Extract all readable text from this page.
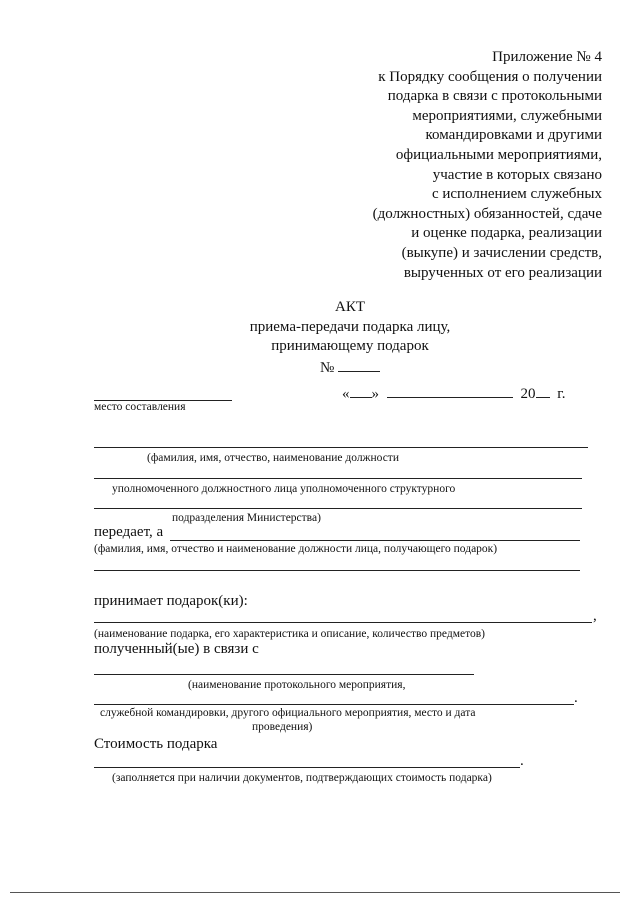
Приложение № 4
к Порядку сообщения о получении
подарка в связи с протокольными
мероприятиями, служебными
командировками и другими
официальными мероприятиями,
участие в которых связано
с исполнением служебных
(должностных) обязанностей, сдаче
и оценке подарка, реализации
(выкупе) и зачислении средств,
вырученных от его реализации
АКТ
приема-передачи подарка лицу,
принимающему подарок
№
место составления
« »	20 г.
(фамилия, имя, отчество, наименование должности
уполномоченного должностного лица уполномоченного структурного
подразделения Министерства)
передает, а
(фамилия, имя, отчество и наименование должности лица, получающего подарок)
принимает подарок(ки):
,
(наименование подарка, его характеристика и описание, количество предметов)
полученный(ые) в связи с
(наименование протокольного мероприятия,
.
служебной командировки, другого официального мероприятия, место и дата
проведения)
Стоимость подарка
.
(заполняется при наличии документов, подтверждающих стоимость подарка)
